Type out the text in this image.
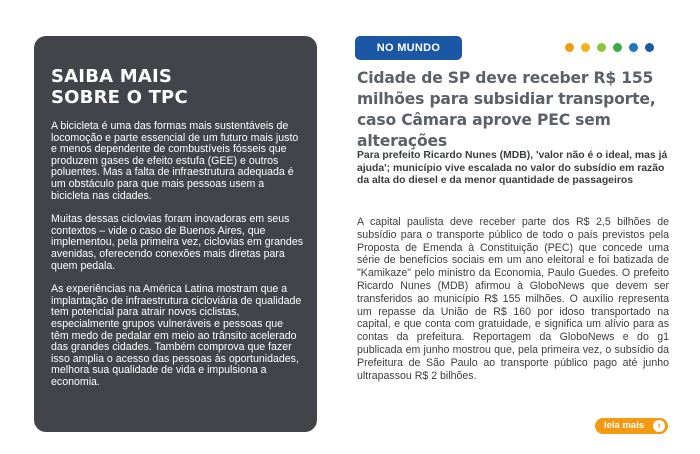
SAIBA MAIS
SOBRE O TPC

A bicicleta é uma das formas mais sustentáveis de locomoção e parte essencial de um futuro mais justo e menos dependente de combustíveis fósseis que produzem gases de efeito estufa (GEE) e outros poluentes. Mas a falta de infraestrutura adequada é um obstáculo para que mais pessoas usem a bicicleta nas cidades.

Muitas dessas ciclovias foram inovadoras em seus contextos – vide o caso de Buenos Aires, que implementou, pela primeira vez, ciclovias em grandes avenidas, oferecendo conexões mais diretas para quem pedala.

As experiências na América Latina mostram que a implantação de infraestrutura cicloviária de qualidade tem potencial para atrair novos ciclistas, especialmente grupos vulneráveis e pessoas que têm medo de pedalar em meio ao trânsito acelerado das grandes cidades. Também comprova que fazer isso amplia o acesso das pessoas às oportunidades, melhora sua qualidade de vida e impulsiona a economia.

NO MUNDO
Cidade de SP deve receber R$ 155 milhões para subsidiar transporte, caso Câmara aprove PEC sem alterações

Para prefeito Ricardo Nunes (MDB), 'valor não é o ideal, mas já ajuda'; município vive escalada no valor do subsídio em razão da alta do diesel e da menor quantidade de passageiros

A capital paulista deve receber parte dos R$ 2,5 bilhões de subsídio para o transporte público de todo o país previstos pela Proposta de Emenda à Constituição (PEC) que concede uma série de benefícios sociais em um ano eleitoral e foi batizada de "Kamikaze" pelo ministro da Economia, Paulo Guedes. O prefeito Ricardo Nunes (MDB) afirmou à GloboNews que devem ser transferidos ao município R$ 155 milhões. O auxílio representa um repasse da União de R$ 160 por idoso transportado na capital, e que conta com gratuidade, e significa um alívio para as contas da prefeitura. Reportagem da GloboNews e do g1 publicada em junho mostrou que, pela primeira vez, o subsídio da Prefeitura de São Paulo ao transporte público pago até junho ultrapassou R$ 2 bilhões.

leia mais	›
